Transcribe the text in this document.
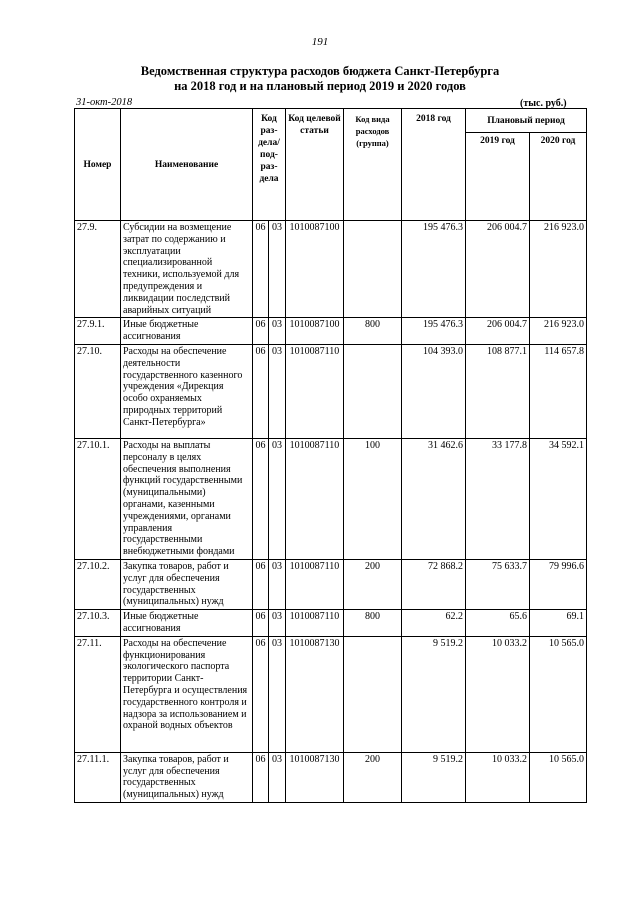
191
Ведомственная структура расходов бюджета Санкт-Петербурга
на 2018 год и на плановый период 2019 и 2020 годов
31-окт-2018	(тыс. руб.)
Номер	Наименование	Код раз-дела/ под-раз-дела		Код целевой статьи	Код вида расходов (группа)	2018 год	Плановый период	
							2019 год	2020 год
27.9.	Субсидии на возмещение затрат по содержанию и эксплуатации специализированной техники, используемой для предупреждения и ликвидации последствий аварийных ситуаций	06	03	1010087100		195 476.3	206 004.7	216 923.0
27.9.1.	Иные бюджетные ассигнования	06	03	1010087100	800	195 476.3	206 004.7	216 923.0
27.10.	Расходы на обеспечение деятельности государственного казенного учреждения «Дирекция особо охраняемых природных территорий Санкт-Петербурга»	06	03	1010087110		104 393.0	108 877.1	114 657.8
27.10.1.	Расходы на выплаты персоналу в целях обеспечения выполнения функций государственными (муниципальными) органами, казенными учреждениями, органами управления государственными внебюджетными фондами	06	03	1010087110	100	31 462.6	33 177.8	34 592.1
27.10.2.	Закупка товаров, работ и услуг для обеспечения государственных (муниципальных) нужд	06	03	1010087110	200	72 868.2	75 633.7	79 996.6
27.10.3.	Иные бюджетные ассигнования	06	03	1010087110	800	62.2	65.6	69.1
27.11.	Расходы на обеспечение функционирования экологического паспорта территории Санкт-Петербурга и осуществления государственного контроля и надзора за использованием и охраной водных объектов	06	03	1010087130		9 519.2	10 033.2	10 565.0
27.11.1.	Закупка товаров, работ и услуг для обеспечения государственных (муниципальных) нужд	06	03	1010087130	200	9 519.2	10 033.2	10 565.0
